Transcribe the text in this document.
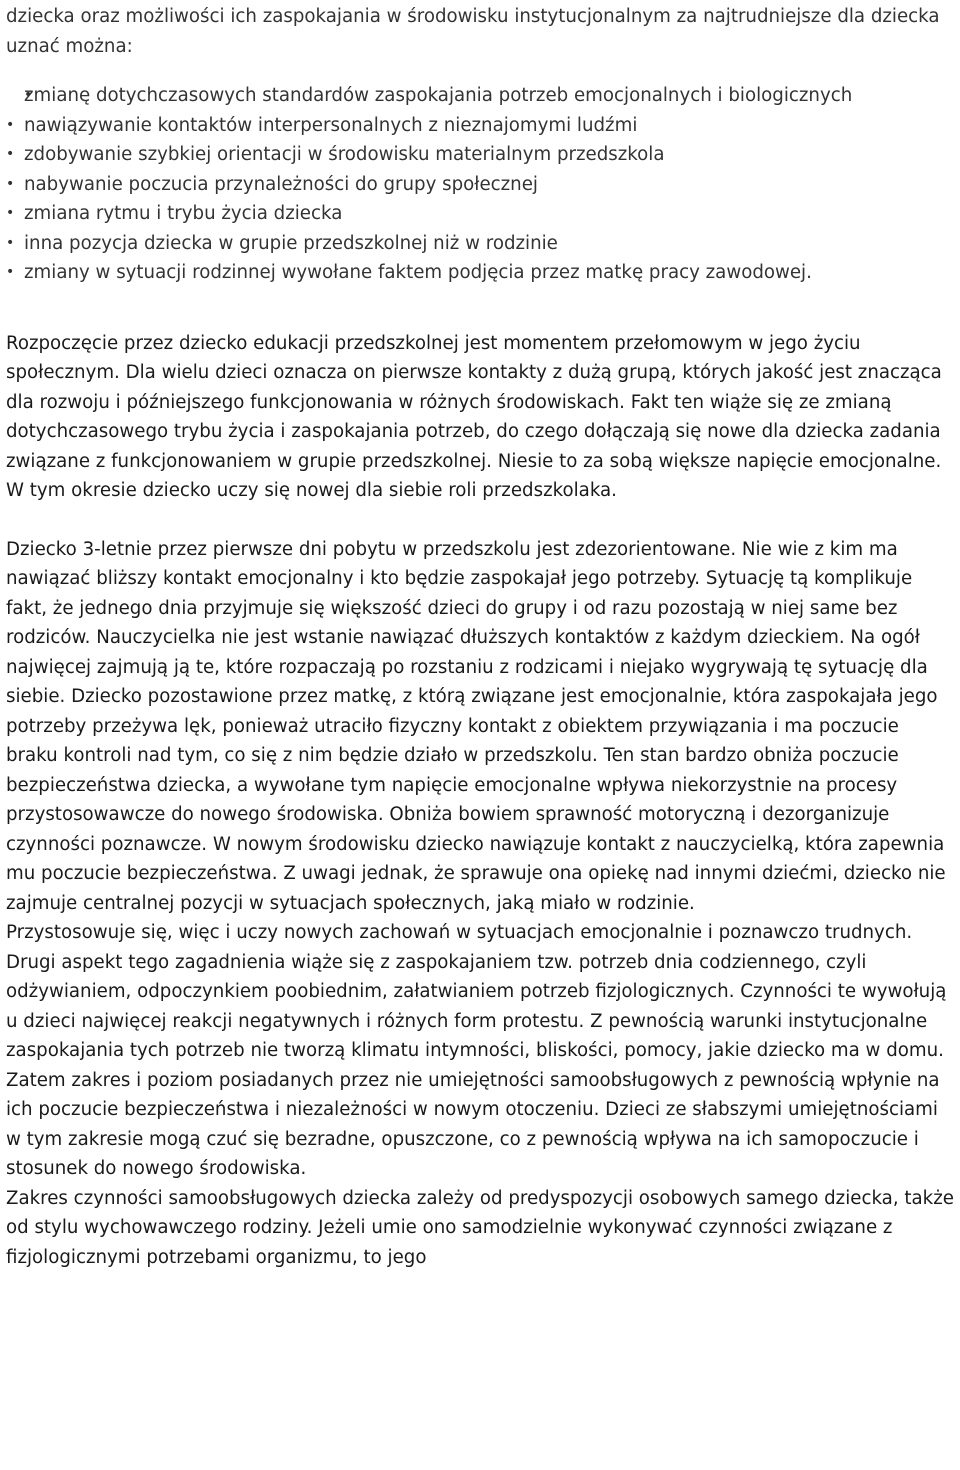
dziecka oraz możliwości ich zaspokajania w środowisku instytucjonalnym za najtrudniejsze dla dziecka uznać można:

• zmianę dotychczasowych standardów zaspokajania potrzeb emocjonalnych i biologicznych
• nawiązywanie kontaktów interpersonalnych z nieznajomymi ludźmi
• zdobywanie szybkiej orientacji w środowisku materialnym przedszkola
• nabywanie poczucia przynależności do grupy społecznej
• zmiana rytmu i trybu życia dziecka
• inna pozycja dziecka w grupie przedszkolnej niż w rodzinie
• zmiany w sytuacji rodzinnej wywołane faktem podjęcia przez matkę pracy zawodowej.

Rozpoczęcie przez dziecko edukacji przedszkolnej jest momentem przełomowym w jego życiu społecznym. Dla wielu dzieci oznacza on pierwsze kontakty z dużą grupą, których jakość jest znacząca dla rozwoju i późniejszego funkcjonowania w różnych środowiskach. Fakt ten wiąże się ze zmianą dotychczasowego trybu życia i zaspokajania potrzeb, do czego dołączają się nowe dla dziecka zadania związane z funkcjonowaniem w grupie przedszkolnej. Niesie to za sobą większe napięcie emocjonalne. W tym okresie dziecko uczy się nowej dla siebie roli przedszkolaka.

Dziecko 3-letnie przez pierwsze dni pobytu w przedszkolu jest zdezorientowane. Nie wie z kim ma nawiązać bliższy kontakt emocjonalny i kto będzie zaspokajał jego potrzeby. Sytuację tą komplikuje fakt, że jednego dnia przyjmuje się większość dzieci do grupy i od razu pozostają w niej same bez rodziców. Nauczycielka nie jest wstanie nawiązać dłuższych kontaktów z każdym dzieckiem. Na ogół najwięcej zajmują ją te, które rozpaczają po rozstaniu z rodzicami i niejako wygrywają tę sytuację dla siebie. Dziecko pozostawione przez matkę, z którą związane jest emocjonalnie, która zaspokajała jego potrzeby przeżywa lęk, ponieważ utraciło fizyczny kontakt z obiektem przywiązania i ma poczucie braku kontroli nad tym, co się z nim będzie działo w przedszkolu. Ten stan bardzo obniża poczucie bezpieczeństwa dziecka, a wywołane tym napięcie emocjonalne wpływa niekorzystnie na procesy przystosowawcze do nowego środowiska. Obniża bowiem sprawność motoryczną i dezorganizuje czynności poznawcze. W nowym środowisku dziecko nawiązuje kontakt z nauczycielką, która zapewnia mu poczucie bezpieczeństwa. Z uwagi jednak, że sprawuje ona opiekę nad innymi dziećmi, dziecko nie zajmuje centralnej pozycji w sytuacjach społecznych, jaką miało w rodzinie.

Przystosowuje się, więc i uczy nowych zachowań w sytuacjach emocjonalnie i poznawczo trudnych.

Drugi aspekt tego zagadnienia wiąże się z zaspokajaniem tzw. potrzeb dnia codziennego, czyli odżywianiem, odpoczynkiem poobiednim, załatwianiem potrzeb fizjologicznych. Czynności te wywołują u dzieci najwięcej reakcji negatywnych i różnych form protestu. Z pewnością warunki instytucjonalne zaspokajania tych potrzeb nie tworzą klimatu intymności, bliskości, pomocy, jakie dziecko ma w domu. Zatem zakres i poziom posiadanych przez nie umiejętności samoobsługowych z pewnością wpłynie na ich poczucie bezpieczeństwa i niezależności w nowym otoczeniu. Dzieci ze słabszymi umiejętnościami w tym zakresie mogą czuć się bezradne, opuszczone, co z pewnością wpływa na ich samopoczucie i stosunek do nowego środowiska.

Zakres czynności samoobsługowych dziecka zależy od predyspozycji osobowych samego dziecka, także od stylu wychowawczego rodziny. Jeżeli umie ono samodzielnie wykonywać czynności związane z fizjologicznymi potrzebami organizmu, to jego
